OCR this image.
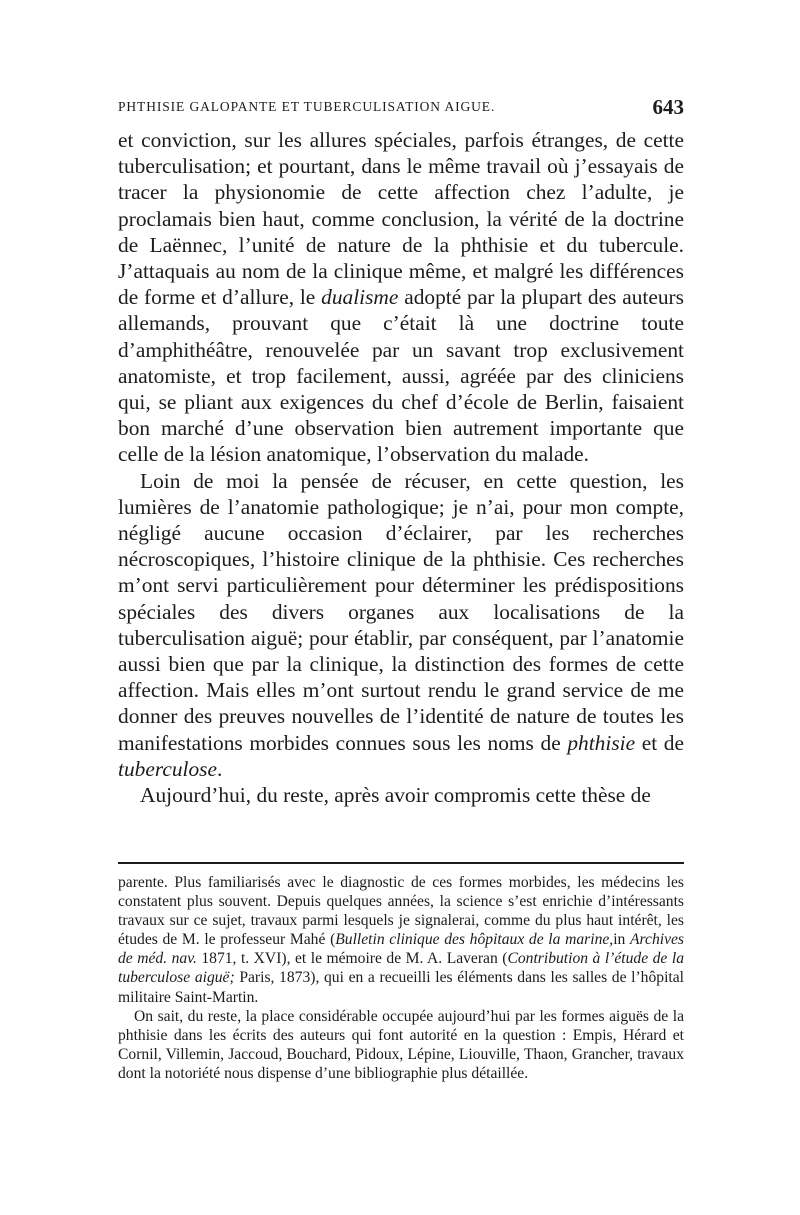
PHTHISIE GALOPANTE ET TUBERCULISATION AIGUE.	643

et conviction, sur les allures spéciales, parfois étranges, de cette tuberculisation; et pourtant, dans le même travail où j’essayais de tracer la physionomie de cette affection chez l’adulte, je proclamais bien haut, comme conclusion, la vérité de la doctrine de Laënnec, l’unité de nature de la phthisie et du tubercule. J’attaquais au nom de la clinique même, et malgré les différences de forme et d’allure, le dualisme adopté par la plupart des auteurs allemands, prouvant que c’était là une doctrine toute d’amphithéâtre, renouvelée par un savant trop exclusivement anatomiste, et trop facilement, aussi, agréée par des cliniciens qui, se pliant aux exigences du chef d’école de Berlin, faisaient bon marché d’une observation bien autrement importante que celle de la lésion anatomique, l’observation du malade.

Loin de moi la pensée de récuser, en cette question, les lumières de l’anatomie pathologique; je n’ai, pour mon compte, négligé aucune occasion d’éclairer, par les recherches nécroscopiques, l’histoire clinique de la phthisie. Ces recherches m’ont servi particulièrement pour déterminer les prédispositions spéciales des divers organes aux localisations de la tuberculisation aiguë; pour établir, par conséquent, par l’anatomie aussi bien que par la clinique, la distinction des formes de cette affection. Mais elles m’ont surtout rendu le grand service de me donner des preuves nouvelles de l’identité de nature de toutes les manifestations morbides connues sous les noms de phthisie et de tuberculose.

Aujourd’hui, du reste, après avoir compromis cette thèse de

parente. Plus familiarisés avec le diagnostic de ces formes morbides, les médecins les constatent plus souvent. Depuis quelques années, la science s’est enrichie d’intéressants travaux sur ce sujet, travaux parmi lesquels je signalerai, comme du plus haut intérêt, les études de M. le professeur Mahé (Bulletin clinique des hôpitaux de la marine,in Archives de méd. nav. 1871, t. XVI), et le mémoire de M. A. Laveran (Contribution à l’étude de la tuberculose aiguë; Paris, 1873), qui en a recueilli les éléments dans les salles de l’hôpital militaire Saint-Martin.

On sait, du reste, la place considérable occupée aujourd’hui par les formes aiguës de la phthisie dans les écrits des auteurs qui font autorité en la question : Empis, Hérard et Cornil, Villemin, Jaccoud, Bouchard, Pidoux, Lépine, Liouville, Thaon, Grancher, travaux dont la notoriété nous dispense d’une bibliographie plus détaillée.
